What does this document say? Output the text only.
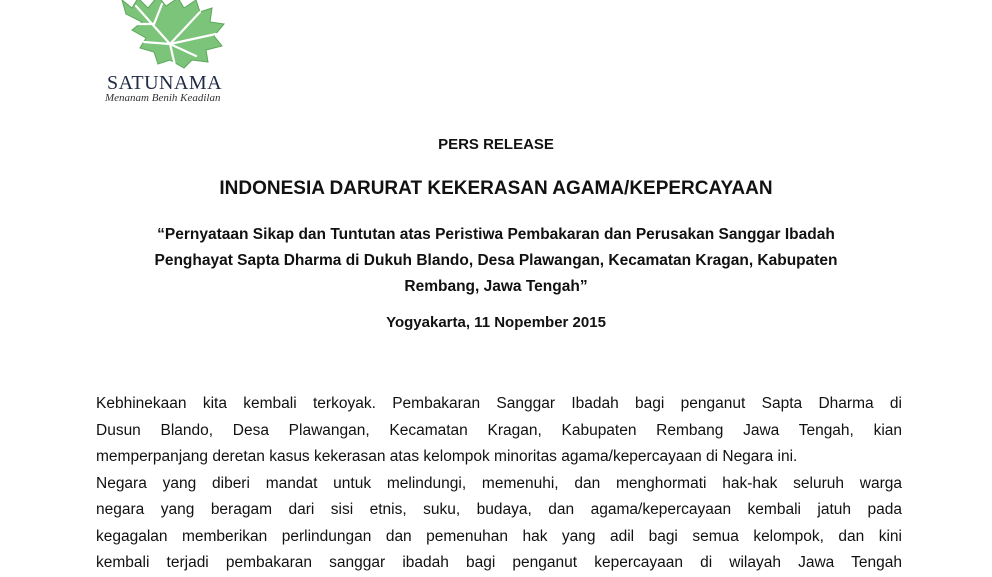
SATUNAMA
Menanam Benih Keadilan
PERS RELEASE
INDONESIA DARURAT KEKERASAN AGAMA/KEPERCAYAAN
“Pernyataan Sikap dan Tuntutan atas Peristiwa Pembakaran dan Perusakan Sanggar Ibadah
Penghayat Sapta Dharma di Dukuh Blando, Desa Plawangan, Kecamatan Kragan, Kabupaten
Rembang, Jawa Tengah”
Yogyakarta, 11 Nopember 2015
Kebhinekaan kita kembali terkoyak. Pembakaran Sanggar Ibadah bagi penganut Sapta Dharma di
Dusun Blando, Desa Plawangan, Kecamatan Kragan, Kabupaten Rembang Jawa Tengah, kian
memperpanjang deretan kasus kekerasan atas kelompok minoritas agama/kepercayaan di Negara ini.
Negara yang diberi mandat untuk melindungi, memenuhi, dan menghormati hak-hak seluruh warga
negara yang beragam dari sisi etnis, suku, budaya, dan agama/kepercayaan kembali jatuh pada
kegagalan memberikan perlindungan dan pemenuhan hak yang adil bagi semua kelompok, dan kini
kembali terjadi pembakaran sanggar ibadah bagi penganut kepercayaan di wilayah Jawa Tengah
